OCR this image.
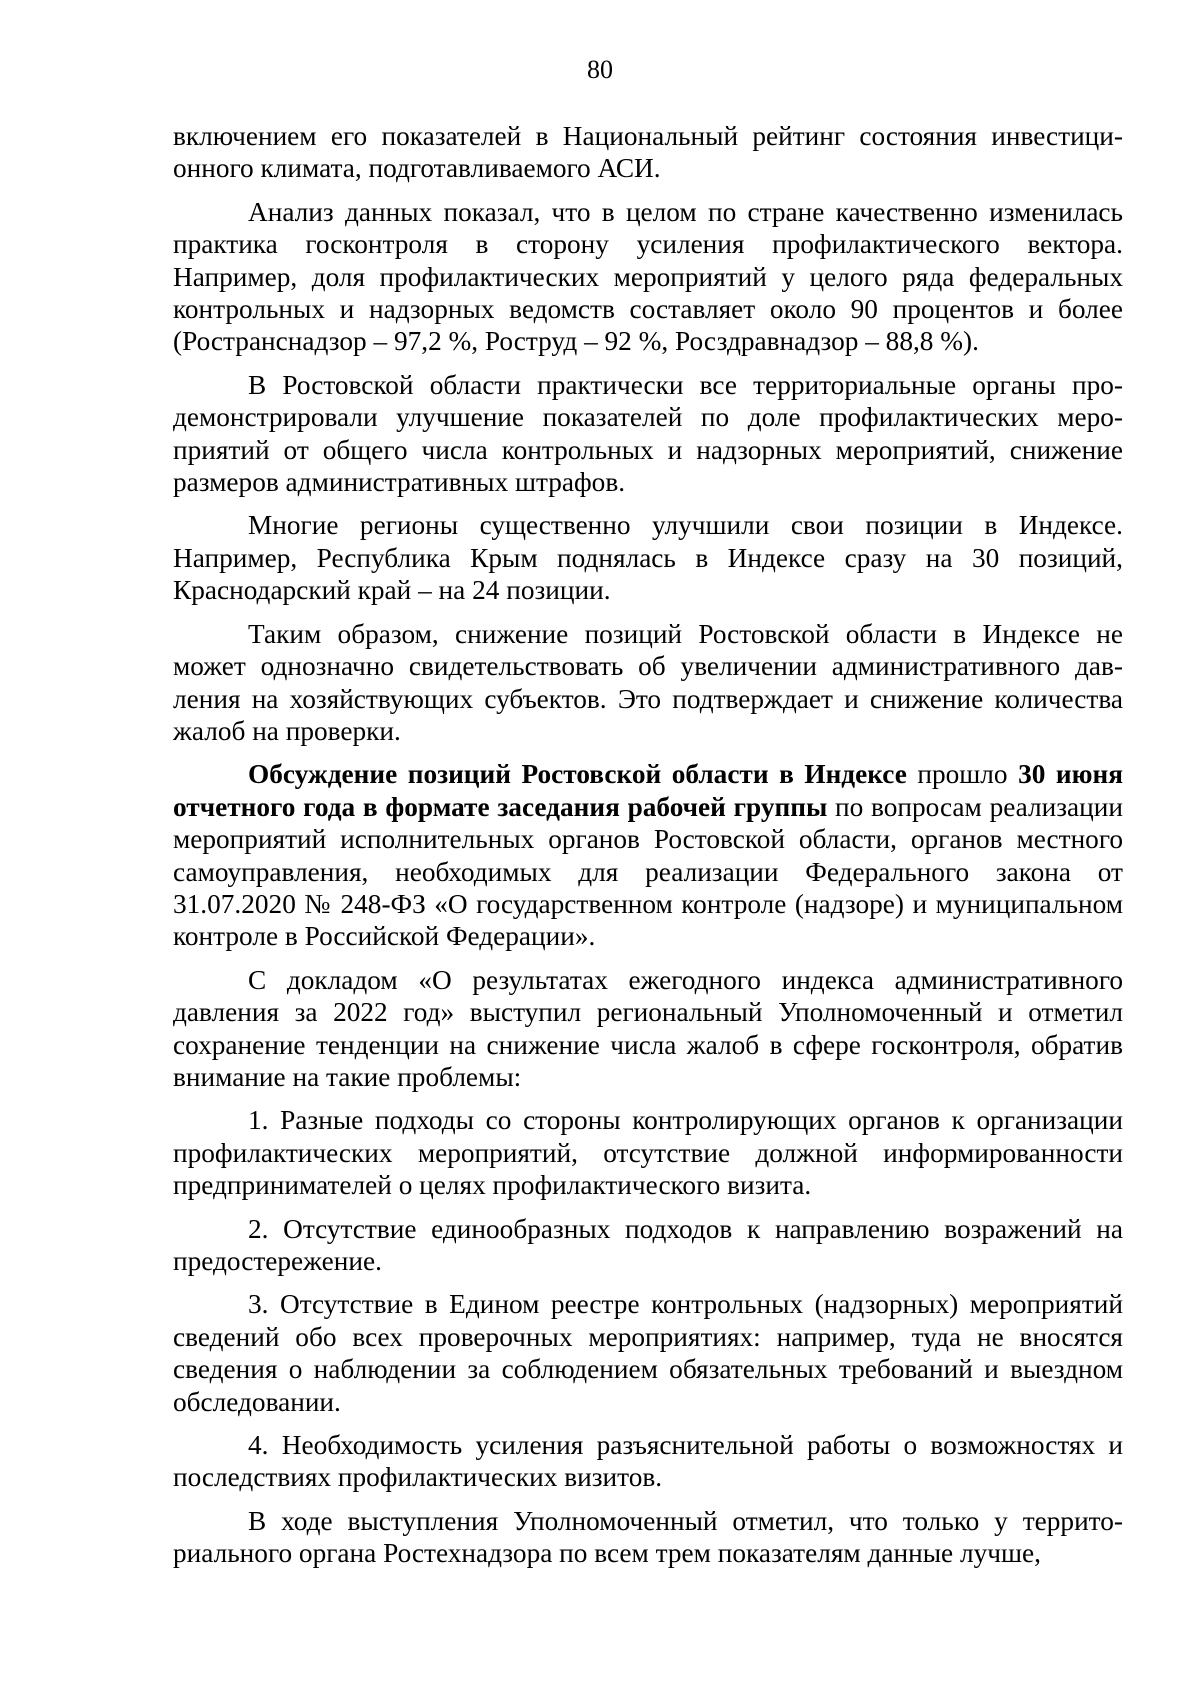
80

включением его показателей в Национальный рейтинг состояния инвестиционного климата, подготавливаемого АСИ.

Анализ данных показал, что в целом по стране качественно изменилась практика госконтроля в сторону усиления профилактического вектора. Например, доля профилактических мероприятий у целого ряда федеральных контрольных и надзорных ведомств составляет около 90 процентов и более (Ространснадзор – 97,2 %, Роструд – 92 %, Росздравнадзор – 88,8 %).

В Ростовской области практически все территориальные органы продемонстрировали улучшение показателей по доле профилактических мероприятий от общего числа контрольных и надзорных мероприятий, снижение размеров административных штрафов.

Многие регионы существенно улучшили свои позиции в Индексе. Например, Республика Крым поднялась в Индексе сразу на 30 позиций, Краснодарский край – на 24 позиции.

Таким образом, снижение позиций Ростовской области в Индексе не может однозначно свидетельствовать об увеличении административного давления на хозяйствующих субъектов. Это подтверждает и снижение количества жалоб на проверки.

Обсуждение позиций Ростовской области в Индексе прошло 30 июня отчетного года в формате заседания рабочей группы по вопросам реализации мероприятий исполнительных органов Ростовской области, органов местного самоуправления, необходимых для реализации Федерального закона от 31.07.2020 № 248-ФЗ «О государственном контроле (надзоре) и муниципальном контроле в Российской Федерации».

С докладом «О результатах ежегодного индекса административного давления за 2022 год» выступил региональный Уполномоченный и отметил сохранение тенденции на снижение числа жалоб в сфере госконтроля, обратив внимание на такие проблемы:

1. Разные подходы со стороны контролирующих органов к организации профилактических мероприятий, отсутствие должной информированности предпринимателей о целях профилактического визита.

2. Отсутствие единообразных подходов к направлению возражений на предостережение.

3. Отсутствие в Едином реестре контрольных (надзорных) мероприятий сведений обо всех проверочных мероприятиях: например, туда не вносятся сведения о наблюдении за соблюдением обязательных требований и выездном обследовании.

4. Необходимость усиления разъяснительной работы о возможностях и последствиях профилактических визитов.

В ходе выступления Уполномоченный отметил, что только у территориального органа Ростехнадзора по всем трем показателям данные лучше,
